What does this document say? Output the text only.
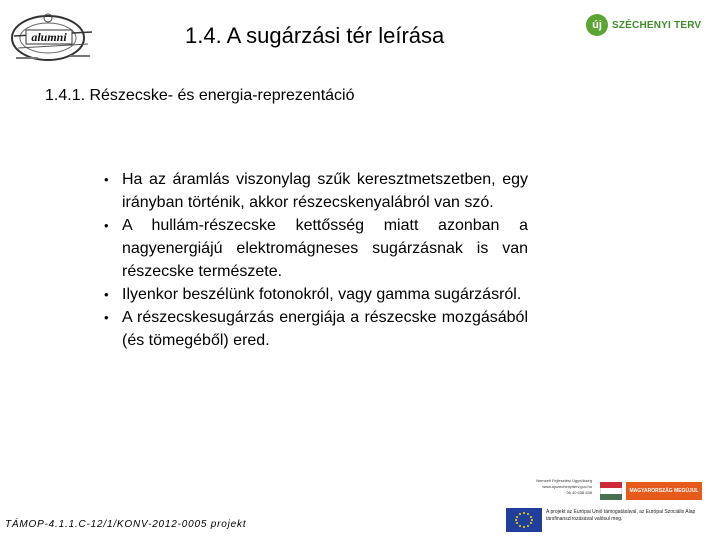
alumni
új	SZÉCHENYI TERV
1.4. A sugárzási tér leírása
1.4.1. Részecske- és energia-reprezentáció
• Ha az áramlás viszonylag szűk keresztmetszetben, egy irányban történik, akkor részecskenyalábról van szó.
• A hullám-részecske kettősség miatt azonban a nagyenergiájú elektromágneses sugárzásnak is van részecske természete.
• Ilyenkor beszélünk fotonokról, vagy gamma sugárzásról.
• A részecskesugárzás energiája a részecske mozgásából (és tömegéből) ered.
TÁMOP-4.1.1.C-12/1/KONV-2012-0005 projekt
Nemzeti Fejlesztési Ügynökség
www.ujszechenyiterv.gov.hu
06 40 638 638	MAGYARORSZÁG MEGÚJUL
A projekt az Európai Unió támogatásával, az Európai Szociális Alap társfinanszírozásával valósul meg.
